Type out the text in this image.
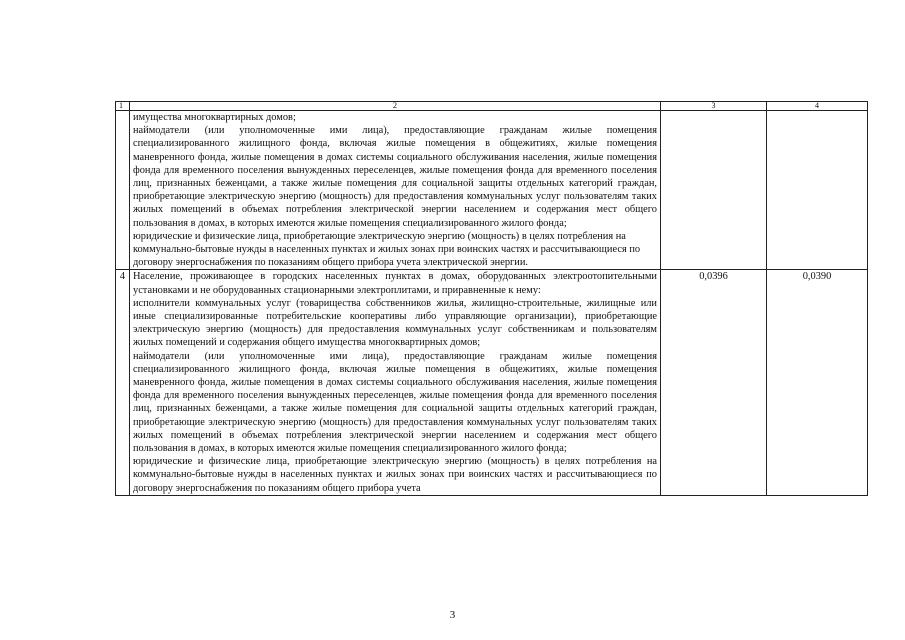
1	2	3	4

	имущества многоквартирных домов;

наймодатели (или уполномоченные ими лица), предоставляющие гражданам жилые помещения специализированного жилищного фонда, включая жилые помещения в общежитиях, жилые помещения маневренного фонда, жилые помещения в домах системы социального обслуживания населения, жилые помещения фонда для временного поселения вынужденных переселенцев, жилые помещения фонда для временного поселения лиц, признанных беженцами, а также жилые помещения для социальной защиты отдельных категорий граждан, приобретающие электрическую энергию (мощность) для предоставления коммунальных услуг пользователям таких жилых помещений в объемах потребления электрической энергии населением и содержания мест общего пользования в домах, в которых имеются жилые помещения специализированного жилого фонда;

юридические и физические лица, приобретающие электрическую энергию (мощность) в целях потребления на коммунально-бытовые нужды в населенных пунктах и жилых зонах при воинских частях и рассчитывающиеся по договору энергоснабжения по показаниям общего прибора учета электрической энергии.		

4	Население, проживающее в городских населенных пунктах в домах, оборудованных электроотопительными установками и не оборудованных стационарными электроплитами, и приравненные к нему:

исполнители коммунальных услуг (товарищества собственников жилья, жилищно-строительные, жилищные или иные специализированные потребительские кооперативы либо управляющие организации), приобретающие электрическую энергию (мощность) для предоставления коммунальных услуг собственникам и пользователям жилых помещений и содержания общего имущества многоквартирных домов;

наймодатели (или уполномоченные ими лица), предоставляющие гражданам жилые помещения специализированного жилищного фонда, включая жилые помещения в общежитиях, жилые помещения маневренного фонда, жилые помещения в домах системы социального обслуживания населения, жилые помещения фонда для временного поселения вынужденных переселенцев, жилые помещения фонда для временного поселения лиц, признанных беженцами, а также жилые помещения для социальной защиты отдельных категорий граждан, приобретающие электрическую энергию (мощность) для предоставления коммунальных услуг пользователям таких жилых помещений в объемах потребления электрической энергии населением и содержания мест общего пользования в домах, в которых имеются жилые помещения специализированного жилого фонда;

юридические и физические лица, приобретающие электрическую энергию (мощность) в целях потребления на коммунально-бытовые нужды в населенных пунктах и жилых зонах при воинских частях и рассчитывающиеся по договору энергоснабжения по показаниям общего прибора учета	0,0396	0,0390
3
